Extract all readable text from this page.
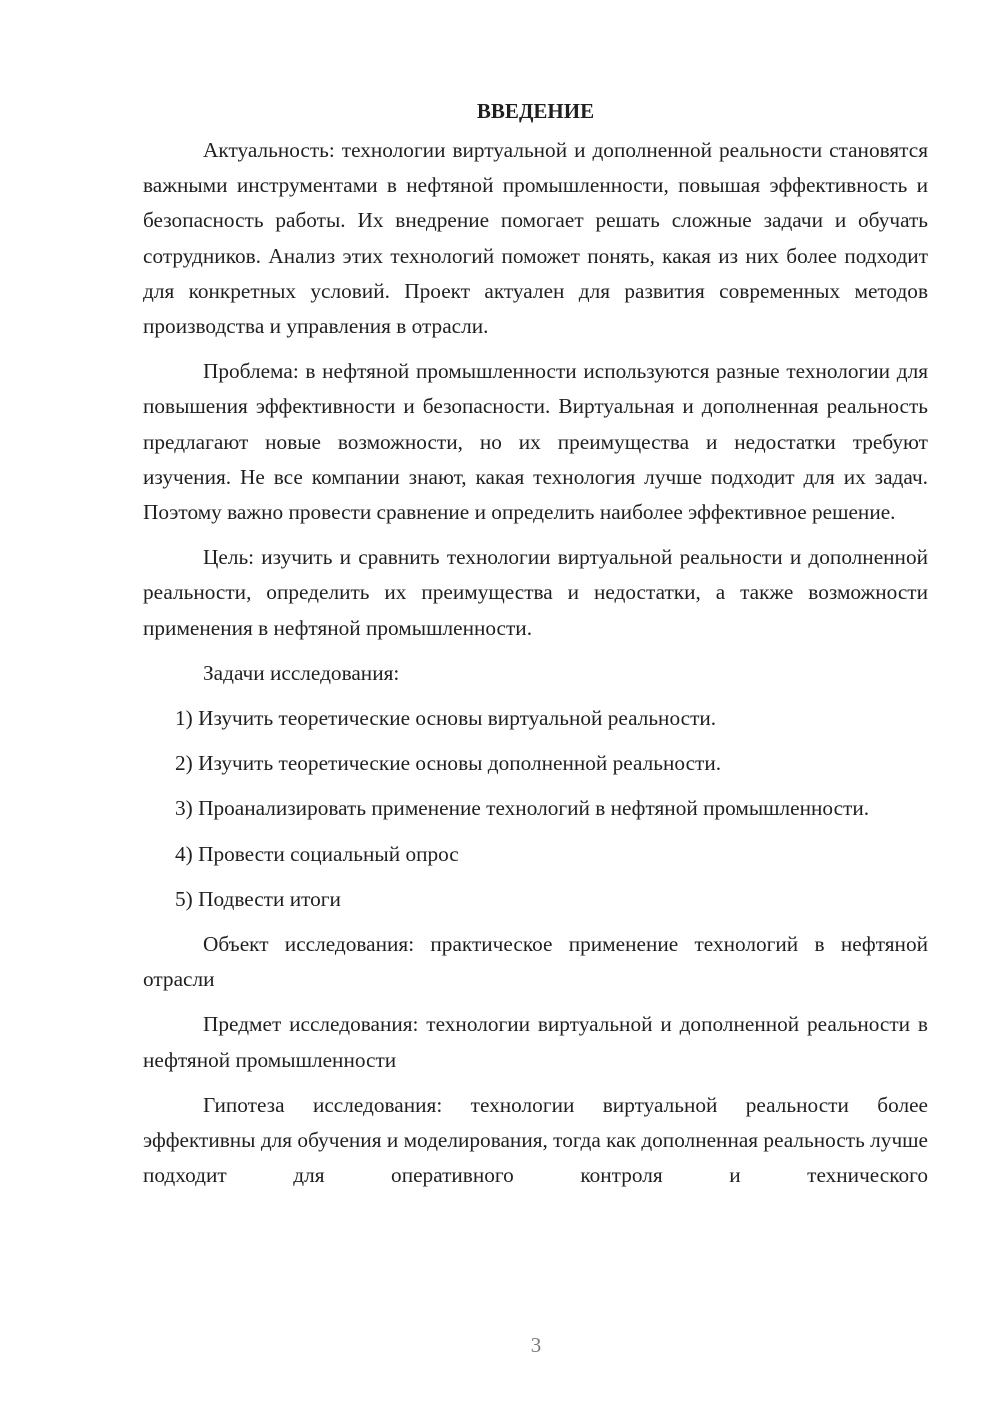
ВВЕДЕНИЕ

Актуальность: технологии виртуальной и дополненной реальности становятся важными инструментами в нефтяной промышленности, повышая эффективность и безопасность работы. Их внедрение помогает решать сложные задачи и обучать сотрудников. Анализ этих технологий поможет понять, какая из них более подходит для конкретных условий. Проект актуален для развития современных методов производства и управления в отрасли.

Проблема: в нефтяной промышленности используются разные технологии для повышения эффективности и безопасности. Виртуальная и дополненная реальность предлагают новые возможности, но их преимущества и недостатки требуют изучения. Не все компании знают, какая технология лучше подходит для их задач. Поэтому важно провести сравнение и определить наиболее эффективное решение.

Цель: изучить и сравнить технологии виртуальной реальности и дополненной реальности, определить их преимущества и недостатки, а также возможности применения в нефтяной промышленности.

Задачи исследования:

1) Изучить теоретические основы виртуальной реальности.

2) Изучить теоретические основы дополненной реальности.

3) Проанализировать применение технологий в нефтяной промышленности.

4) Провести социальный опрос

5) Подвести итоги

Объект исследования: практическое применение технологий в нефтяной отрасли

Предмет исследования: технологии виртуальной и дополненной реальности в нефтяной промышленности

Гипотеза исследования: технологии виртуальной реальности более эффективны для обучения и моделирования, тогда как дополненная реальность лучше подходит для оперативного контроля и технического

3
